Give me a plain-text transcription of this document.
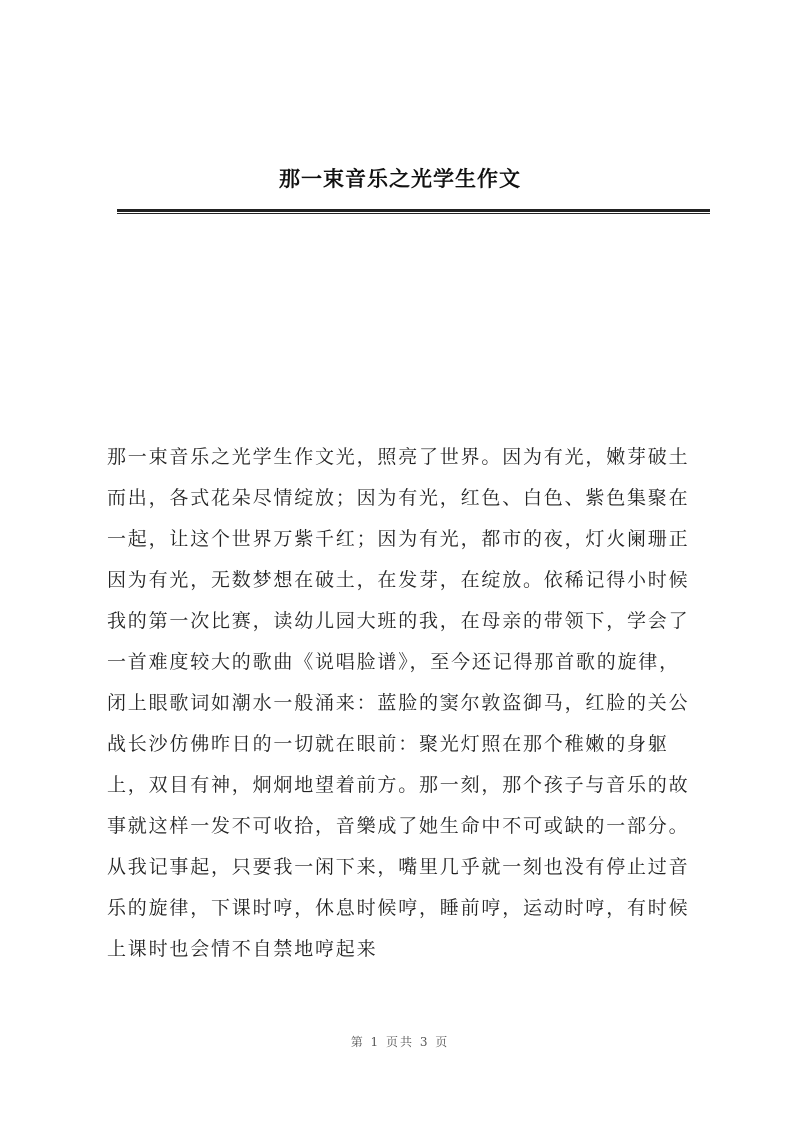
那一束音乐之光学生作文
那一束音乐之光学生作文光，照亮了世界。因为有光，嫩芽破土
而出，各式花朵尽情绽放；因为有光，红色、白色、紫色集聚在
一起，让这个世界万紫千红；因为有光，都市的夜，灯火阑珊正
因为有光，无数梦想在破土，在发芽，在绽放。依稀记得小时候
我的第一次比赛，读幼儿园大班的我，在母亲的带领下，学会了
一首难度较大的歌曲《说唱脸谱》，至今还记得那首歌的旋律，
闭上眼歌词如潮水一般涌来：蓝脸的窦尔敦盗御马，红脸的关公
战长沙仿佛昨日的一切就在眼前：聚光灯照在那个稚嫩的身躯
上，双目有神，炯炯地望着前方。那一刻，那个孩子与音乐的故
事就这样一发不可收拾，音樂成了她生命中不可或缺的一部分。
从我记事起，只要我一闲下来，嘴里几乎就一刻也没有停止过音
乐的旋律，下课时哼，休息时候哼，睡前哼，运动时哼，有时候
上课时也会情不自禁地哼起来
第 1 页共 3 页
